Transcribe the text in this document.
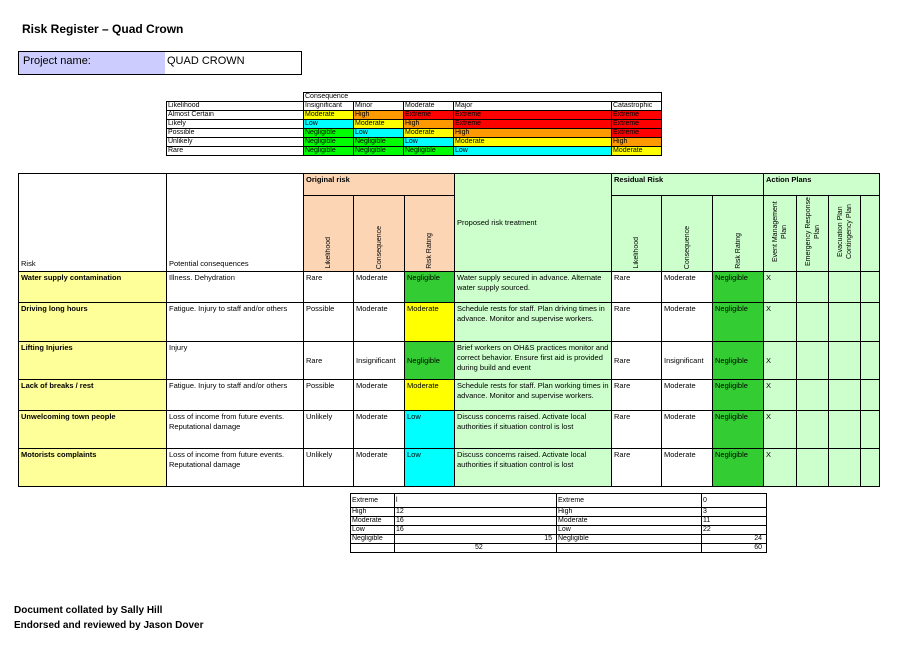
Risk Register – Quad Crown
Project name:	QUAD CROWN
	Consequence				
Likelihood	Insignificant	Minor	Moderate	Major	Catastrophic
Almost Certain	Moderate	High	Extreme	Extreme	Extreme
Likely	Low	Moderate	High	Extreme	Extreme
Possible	Negligible	Low	Moderate	High	Extreme
Unlikely	Negligible	Negligible	Low	Moderate	High
Rare	Negligible	Negligible	Negligible	Low	Moderate
Risk	Potential consequences	Original risk			Proposed risk treatment	Residual Risk			Action Plans			
		Likelihood	Consequence	Risk Rating		Likelihood	Consequence	Risk Rating	Event Management Plan	Emergency Response Plan	Evacuation Plan Contingency Plan	
Water supply contamination	Illness. Dehydration	Rare	Moderate	Negligible	Water supply secured in advance. Alternate water supply sourced.	Rare	Moderate	Negligible	X			
Driving long hours	Fatigue. Injury to staff and/or others	Possible	Moderate	Moderate	Schedule rests for staff. Plan driving times in advance. Monitor and supervise workers.	Rare	Moderate	Negligible	X			
Lifting Injuries	Injury	Rare	Insignificant	Negligible	Brief workers on OH&S practices monitor and correct behavior. Ensure first aid is provided during build and event	Rare	Insignificant	Negligible	X			
Lack of breaks / rest	Fatigue. Injury to staff and/or others	Possible	Moderate	Moderate	Schedule rests for staff. Plan working times in advance. Monitor and supervise workers.	Rare	Moderate	Negligible	X			
Unwelcoming town people	Loss of income from future events. Reputational damage	Unlikely	Moderate	Low	Discuss concerns raised. Activate local authorities if situation control is lost	Rare	Moderate	Negligible	X			
Motorists complaints	Loss of income from future events. Reputational damage	Unlikely	Moderate	Low	Discuss concerns raised. Activate local authorities if situation control is lost	Rare	Moderate	Negligible	X			
Extreme	l	Extreme	0
High	12	High	3
Moderate	16	Moderate	11
Low	16	Low	22
Negligible	15	Negligible	24
	52		60
Document collated by Sally Hill
Endorsed and reviewed by Jason Dover
